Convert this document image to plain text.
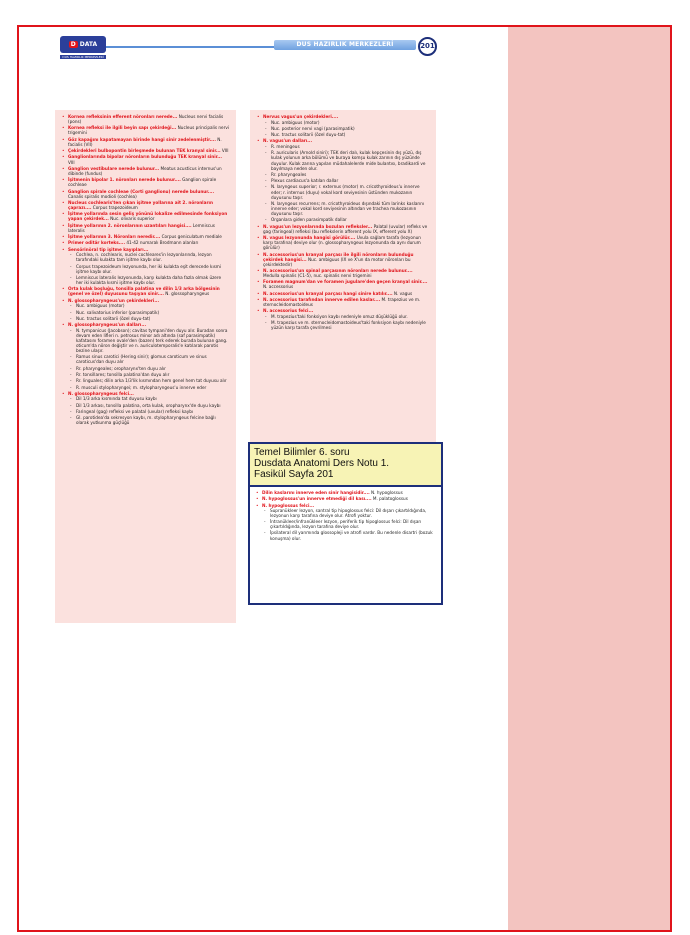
D DATA
DUS HAZIRLIK MERKEZLERİ
DUS HAZIRLIK MERKEZLERİ	201
• Kornea refleksinin efferent nöronları nerede... Nucleus nervi facialis (pons)
• Kornea refleksi ile ilgili beyin sapı çekirdeği... Nucleus principalis nervi trigemini
• Göz kapağını kapatamayan birinde hangi sinir zedelenmiştir.... N. facialis (VII)
• Çekirdekleri bulbopontin birleşmede bulunan TEK kranyal sinir... VIII
• Ganglionlarında bipolar nöronların bulunduğu TEK kranyal sinir... VIII
• Ganglion vestibulare nerede bulunur... Meatus acusticus internus'un dibinde (fundus)
• İşitmenin bipolar 1. nöronları nerede bulunur.... Ganglion spirale cochleae
• Ganglion spirale cochleae (Corti ganglionu) nerede bulunur.... Canalis spiralis modioli (cochlea)
• Nucleus cochlearis'ten çıkan işitme yollarına ait 2. nöronların çaprazı.... Corpus trapezoideum
• İşitme yollarında sesin geliş yönünü lokalize edilmesinde fonksiyon yapan çekirdek... Nuc. olivaris superior
• İşitme yollarının 2. nöronlarının uzantıları hangisi.... Lemniscus lateralis
• İşitme yollarının 3. Nöronları neredir.... Corpus geniculatum mediale
• Primer odităr korteks.... 41-42 numaralı Brodmann alanları
• Sensörinöral tip işitme kayıpları...
- Cochlea, n. cochlearis, nuclei cochleares'in lezyonlarında, lezyon tarafındaki kulakta tam işitme kaybı olur.
- Corpus trapezoideum lezyonunda, her iki kulakta eşit derecede kısmi işitme kaybı olur.
- Lemniscus lateralis lezyonunda, karşı kulakta daha fazla olmak üzere her iki kulakta kısmi işitme kaybı olur.
• Orta kulak boşluğu, tonsilla palatina ve dilin 1/3 arka bölgesinin (genel ve özel) duyusunu taşıyan sinir.... N. glossopharyngeus
• N. glossopharyngeus'un çekirdekleri...
- Nuc. ambiguus (motor)
- Nuc. salivatorius inferior (parasimpatik)
- Nuc. tractus solitarii (özel duyu-tat)
• N. glossopharyngeus'un dalları...
- N. tympanicus (Jacobson); cavitas tympani'den duyu alır. Buradan sonra devam eden lifleri n. petrosus minor adı altında (saf parasimpatik) kafatasını foramen ovale'den (bazen) terk ederek burada bulunan gang. oticum'da nöron değiştir ve n. auriculotemporalis'e katılarak parotis bezine ulaşır.
- Ramus sinus carotici (Hering sinir); glomus caroticum ve sinus caroticus'dan duyu alır
- Rr. pharyngeales; oropharynx'ten duyu alır
- Rr. tonsillares; tonsilla palatina'dan duyu alır
- Rr. linguales; dilin arka 1/3'lik kısmından hem genel hem tat duyusu alır
- R. musculi stylopharyngei; m. stylopharyngeus'u innerve eder
• N. glossopharyngeus felci...
- Dil 1/3 arka kısmında tat duyusu kaybı
- Dil 1/3 arkası, tonsilla palatina, orta kulak, oropharynx'de duyu kaybı
- Faringeal (gag) refleksi ve palatal (uvular) refleksi kaybı
- Gl. parotidea'da sekresyon kaybı, m. stylopharyngeus felcine bağlı olarak yutkunma güçlüğü
• Nervus vagus'un çekirdekleri....
- Nuc. ambiguus (motor)
- Nuc. posterior nervi vagi (parasimpatik)
- Nuc. tractus solitarii (özel duyu-tat)
• N. vagus'un dalları...
- R. meningeus
- R. auricularis (Arnold siniri); TEK deri dalı, kulak kepçesinin dış yüzü, dış kulak yolunun arka bölümü ve buraya komşu kulak zarının dış yüzünde duyulur. Kulak zarına yapılan müdahalelerde mide bulantısı, bradikardi ve bayılmaya neden olur.
- Rr. pharyngeales
- Plexus cardiacus'a katılan dallar
- N. laryngeus superior; r. externus (motor) m. cricothyroideus'u innerve eder; r. internus (duyu) vokal kord seviyesinin üstünden mukozanın duyusunu taşır.
- N. laryngeus recurrens; m. cricothyroideus dışındaki tüm larinks kaslarını innerve eder; vokal kord seviyesinin altından ve trachea mukozasının duyusunu taşır.
- Organlara giden parasimpatik dallar
• N. vagus'un lezyonlarında bozulan refleksler... Palatal (uvular) refleks ve gag (faringeal) refleksi (bu reflekslerin afferent yolu IX, efferent yolu X)
• N. vagus lezyonunda hangisi görülür.... Uvula sağlam tarafa (lezyonun karşı tarafına) deviye olur (n. glossopharyngeus lezyonunda da aynı durum görülür)
• N. accessorius'un kranyal parçası ile ilgili nöronların bulunduğu çekirdek hangisi... Nuc. ambiguus (IX ve X'un da motor nöronları bu çekirdektedir)
• N. accessorius'un spinal parçasının nöronları nerede bulunur.... Medulla spinalis (C1-5), nuc. spinalis nervi trigemini
• Foramen magnum'dan ve foramen jugulare'den geçen kranyal sinir.... N. accessorius
• N. accessorius'un kranyal parçası hangi sinire katılır.... N. vagus
• N. accessorius tarafından innerve edilen kaslar.... M. trapezius ve m. sternocleidomastoideus
• N. accessorius felci...
- M. trapezius'taki fonksiyon kaybı nedeniyle omuz düşüklüğü olur.
- M. trapezius ve m. sternocleidomastoideus'taki fonksiyon kaybı nedeniyle yüzün karşı tarafa çevrilmesi
Temel Bilimler 6. soru
Dusdata Anatomi Ders Notu 1.
Fasikül Sayfa 201
• Dilin kaslarını innerve eden sinir hangisidir.... N. hypoglossus
• N. hypoglossus'un innerve etmediği dil kası.... M. palatoglossus
• N. hypoglossus felci...
- Supranükleer lezyon, santral tip hipoglossus felci: Dil dışarı çıkartıldığında, lezyonun karşı tarafına deviye olur. Atrofi yoktur.
- İntranükleer/infranükleer lezyon, periferik tip hipoglossus felci: Dil dışarı çıkartıldığında, lezyon tarafına deviye olur.
- İpsilateral dil yarımında glossopleji ve atrofi vardır. Bu nedenle disartri (bozuk konuşma) olur.
